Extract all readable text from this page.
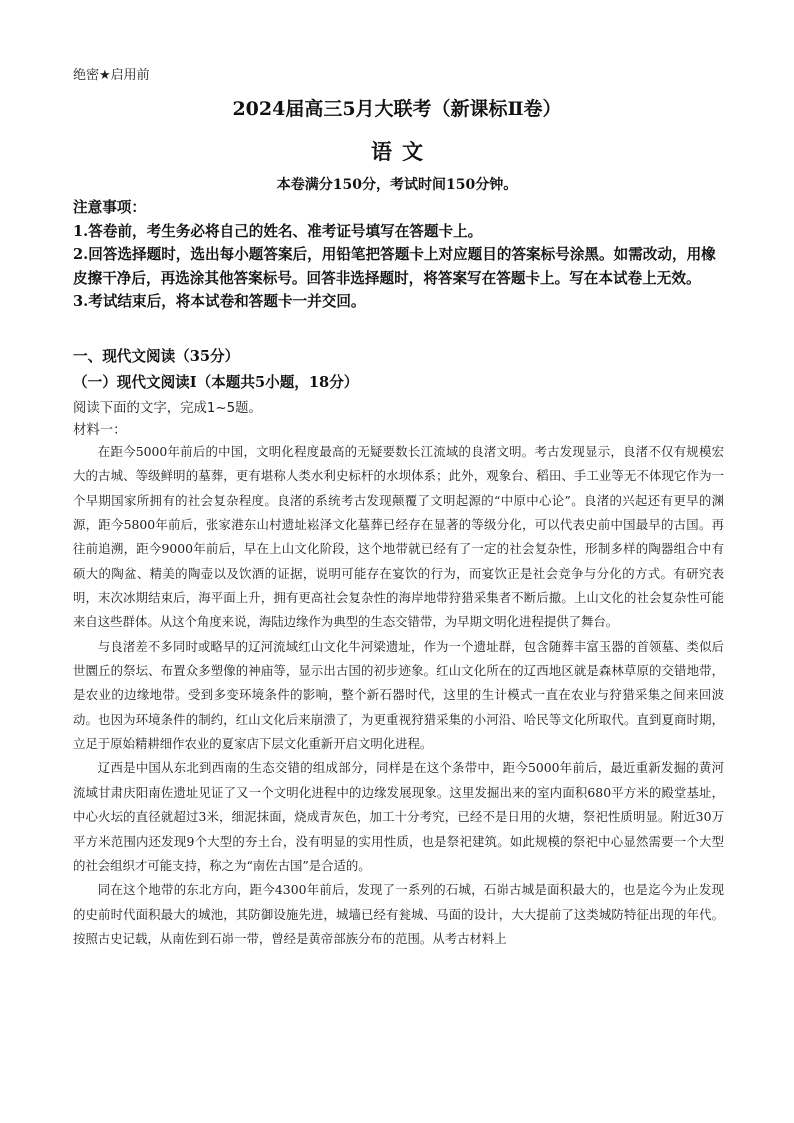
绝密★启用前
2024届高三5月大联考（新课标Ⅱ卷）
语文
本卷满分150分，考试时间150分钟。
注意事项：
1.答卷前，考生务必将自己的姓名、准考证号填写在答题卡上。
2.回答选择题时，选出每小题答案后，用铅笔把答题卡上对应题目的答案标号涂黑。如需改动，用橡皮擦干净后，再选涂其他答案标号。回答非选择题时，将答案写在答题卡上。写在本试卷上无效。
3.考试结束后，将本试卷和答题卡一并交回。
一、现代文阅读（35分）
（一）现代文阅读Ⅰ（本题共5小题，18分）
阅读下面的文字，完成1~5题。
材料一：

在距今5000年前后的中国，文明化程度最高的无疑要数长江流域的良渚文明。考古发现显示，良渚不仅有规模宏大的古城、等级鲜明的墓葬，更有堪称人类水利史标杆的水坝体系；此外，观象台、稻田、手工业等无不体现它作为一个早期国家所拥有的社会复杂程度。良渚的系统考古发现颠覆了文明起源的“中原中心论”。良渚的兴起还有更早的渊源，距今5800年前后，张家港东山村遗址崧泽文化墓葬已经存在显著的等级分化，可以代表史前中国最早的古国。再往前追溯，距今9000年前后，早在上山文化阶段，这个地带就已经有了一定的社会复杂性，形制多样的陶器组合中有硕大的陶盆、精美的陶壶以及饮酒的证据，说明可能存在宴饮的行为，而宴饮正是社会竞争与分化的方式。有研究表明，末次冰期结束后，海平面上升，拥有更高社会复杂性的海岸地带狩猎采集者不断后撤。上山文化的社会复杂性可能来自这些群体。从这个角度来说，海陆边缘作为典型的生态交错带，为早期文明化进程提供了舞台。

与良渚差不多同时或略早的辽河流域红山文化牛河梁遗址，作为一个遗址群，包含随葬丰富玉器的首领墓、类似后世圜丘的祭坛、布置众多塑像的神庙等，显示出古国的初步迹象。红山文化所在的辽西地区就是森林草原的交错地带，是农业的边缘地带。受到多变环境条件的影响，整个新石器时代，这里的生计模式一直在农业与狩猎采集之间来回波动。也因为环境条件的制约，红山文化后来崩溃了，为更重视狩猎采集的小河沿、哈民等文化所取代。直到夏商时期，立足于原始精耕细作农业的夏家店下层文化重新开启文明化进程。

辽西是中国从东北到西南的生态交错的组成部分，同样是在这个条带中，距今5000年前后，最近重新发掘的黄河流域甘肃庆阳南佐遗址见证了又一个文明化进程中的边缘发展现象。这里发掘出来的室内面积680平方米的殿堂基址，中心火坛的直径就超过3米，细泥抹面，烧成青灰色，加工十分考究，已经不是日用的火塘，祭祀性质明显。附近30万平方米范围内还发现9个大型的夯土台，没有明显的实用性质，也是祭祀建筑。如此规模的祭祀中心显然需要一个大型的社会组织才可能支持，称之为“南佐古国”是合适的。

同在这个地带的东北方向，距今4300年前后，发现了一系列的石城，石峁古城是面积最大的，也是迄今为止发现的史前时代面积最大的城池，其防御设施先进，城墙已经有瓮城、马面的设计，大大提前了这类城防特征出现的年代。按照古史记载，从南佐到石峁一带，曾经是黄帝部族分布的范围。从考古材料上
